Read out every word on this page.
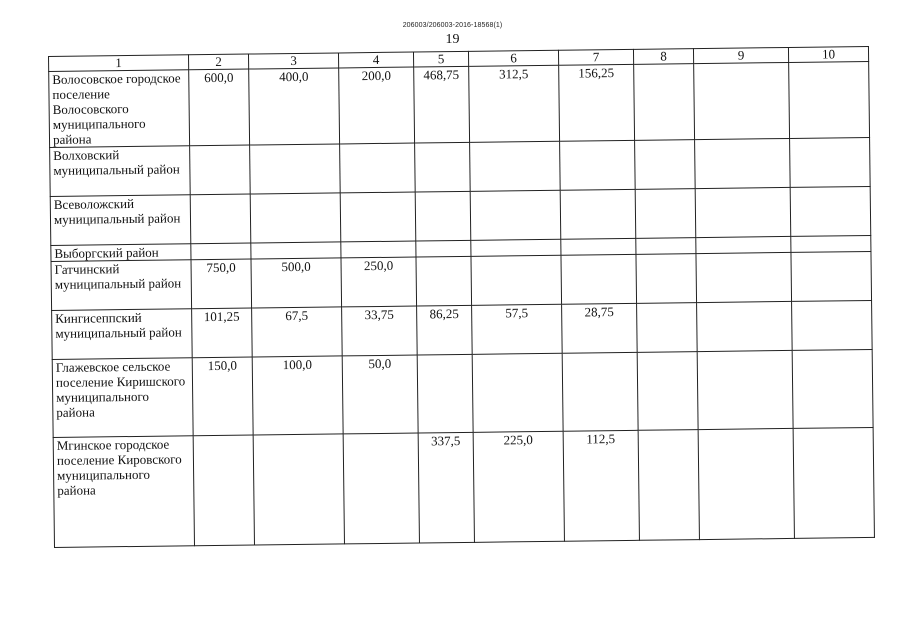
206003/206003-2016-18568(1)
19
1	2	3	4	5	6	7	8	9	10
Волосовское городское поселение Волосовского муниципального района	600,0	400,0	200,0	468,75	312,5	156,25			
Волховский муниципальный район									
Всеволожский муниципальный район									
Выборгский район									
Гатчинский муниципальный район	750,0	500,0	250,0						
Кингисеппский муниципальный район	101,25	67,5	33,75	86,25	57,5	28,75			
Глажевское сельское поселение Киришского муниципального района	150,0	100,0	50,0						
Мгинское городское поселение Кировского муниципального района				337,5	225,0	112,5			
